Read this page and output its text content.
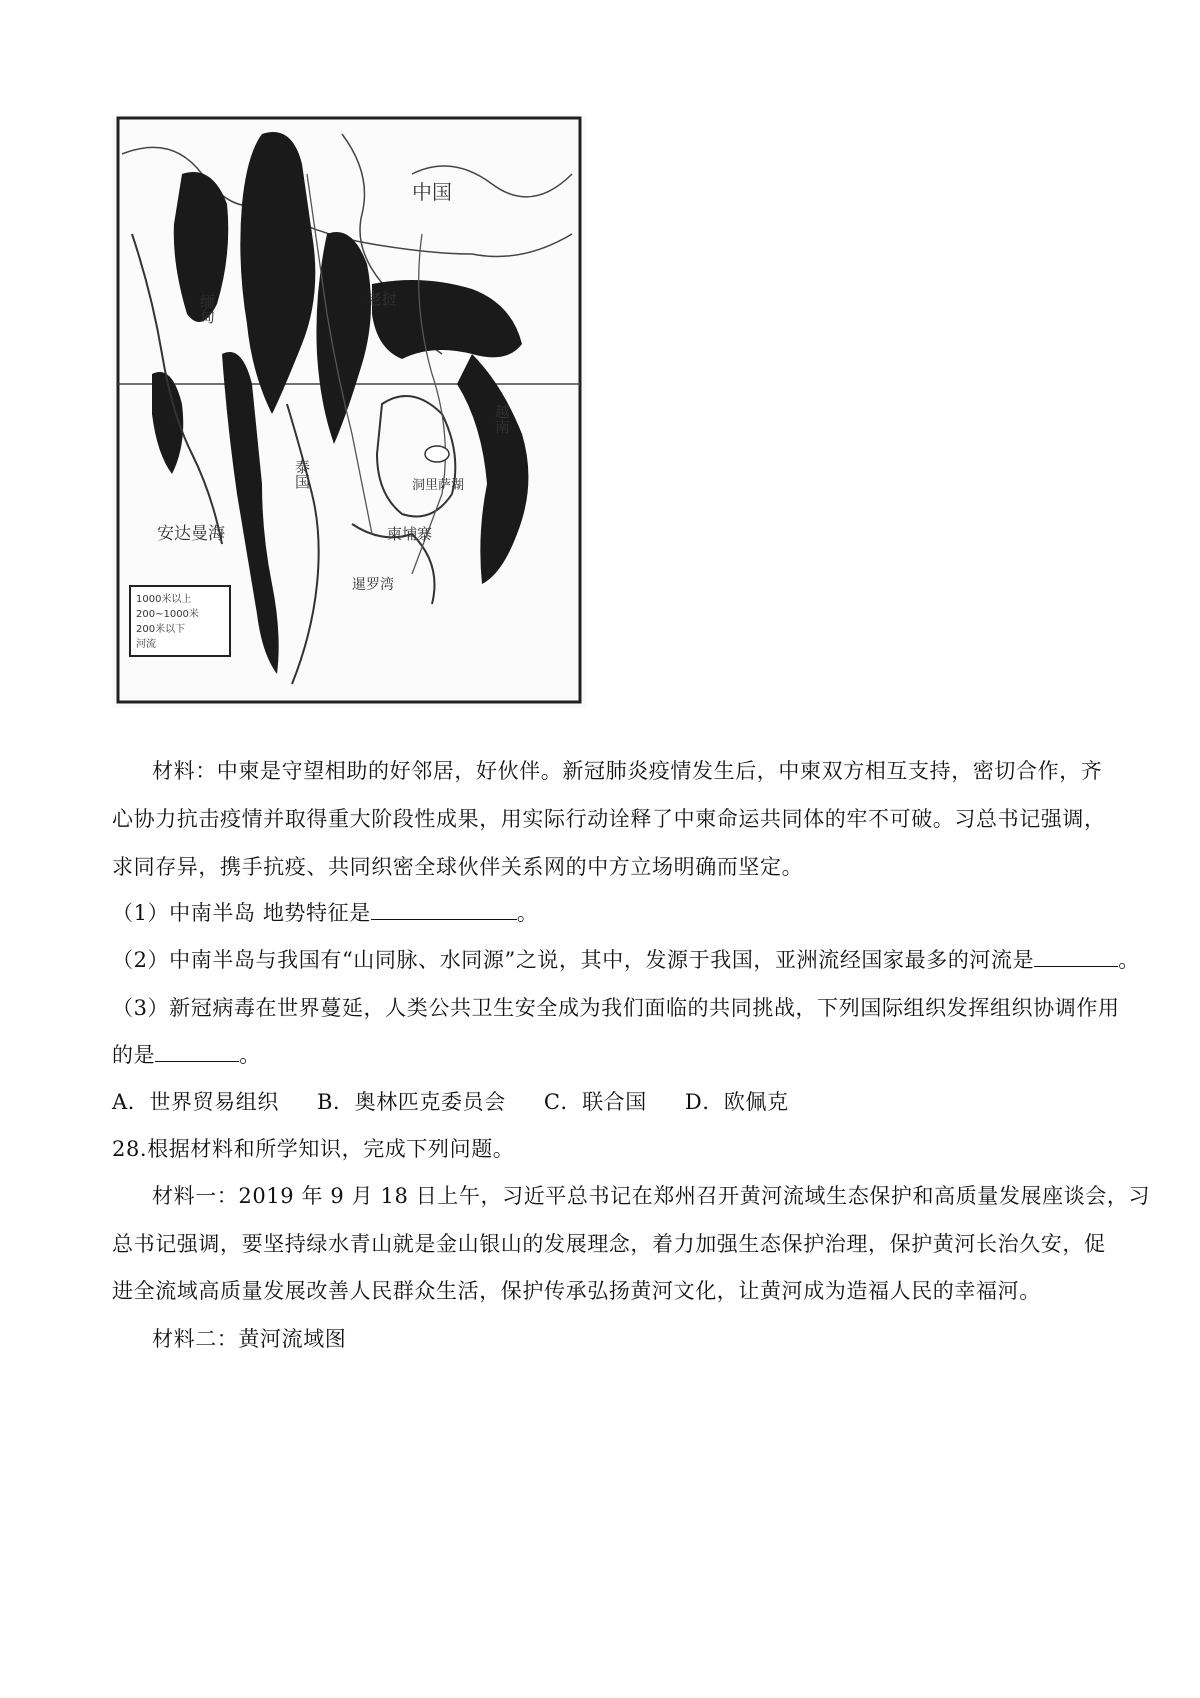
中国
安达曼海
泰国
柬埔寨
缅甸	老挝
越南
洞里萨湖
暹罗湾
1000米以上
200~1000米
200米以下
河流
材料：中柬是守望相助的好邻居，好伙伴。新冠肺炎疫情发生后，中柬双方相互支持，密切合作，齐
心协力抗击疫情并取得重大阶段性成果，用实际行动诠释了中柬命运共同体的牢不可破。习总书记强调，
求同存异，携手抗疫、共同织密全球伙伴关系网的中方立场明确而坚定。
（1）中南半岛 地势特征是	。
（2）中南半岛与我国有“山同脉、水同源”之说，其中，发源于我国，亚洲流经国家最多的河流是	。
（3）新冠病毒在世界蔓延，人类公共卫生安全成为我们面临的共同挑战，下列国际组织发挥组织协调作用
的是	。
A．世界贸易组织 B．奥林匹克委员会 C．联合国 D．欧佩克
28.根据材料和所学知识，完成下列问题。
材料一：2019 年 9 月 18 日上午，习近平总书记在郑州召开黄河流域生态保护和高质量发展座谈会，习
总书记强调，要坚持绿水青山就是金山银山的发展理念，着力加强生态保护治理，保护黄河长治久安，促
进全流域高质量发展改善人民群众生活，保护传承弘扬黄河文化，让黄河成为造福人民的幸福河。
材料二：黄河流域图
